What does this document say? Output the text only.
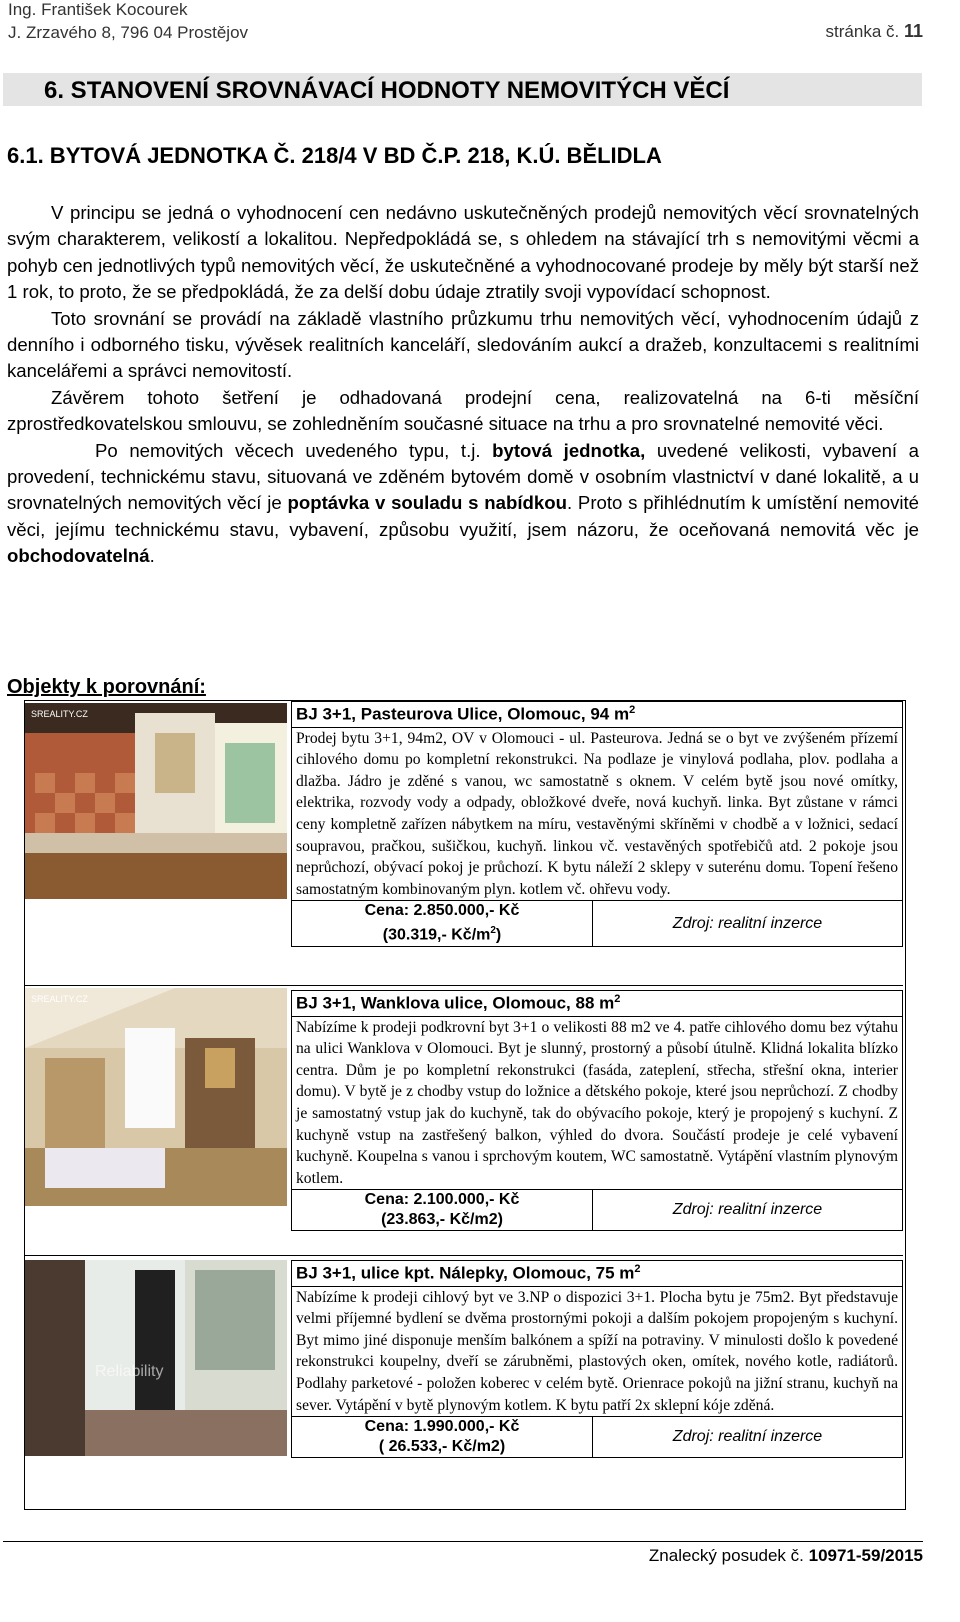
Ing. František Kocourek
J. Zrzavého 8, 796 04 Prostějov	stránka č. 11
6. STANOVENÍ SROVNÁVACÍ HODNOTY NEMOVITÝCH VĚCÍ
6.1. BYTOVÁ JEDNOTKA Č. 218/4 V BD Č.P. 218, K.Ú. BĚLIDLA

V principu se jedná o vyhodnocení cen nedávno uskutečněných prodejů nemovitých věcí srovnatelných svým charakterem, velikostí a lokalitou. Nepředpokládá se, s ohledem na stávající trh s nemovitými věcmi a pohyb cen jednotlivých typů nemovitých věcí, že uskutečněné a vyhodnocované prodeje by měly být starší než 1 rok, to proto, že se předpokládá, že za delší dobu údaje ztratily svoji vypovídací schopnost.

Toto srovnání se provádí na základě vlastního průzkumu trhu nemovitých věcí, vyhodnocením údajů z denního i odborného tisku, vývěsek realitních kanceláří, sledováním aukcí a dražeb, konzultacemi s realitními kancelářemi a správci nemovitostí.

Závěrem tohoto šetření je odhadovaná prodejní cena, realizovatelná na 6-ti měsíční zprostředkovatelskou smlouvu, se zohledněním současné situace na trhu a pro srovnatelné nemovité věci.

Po nemovitých věcech uvedeného typu, t.j. bytová jednotka, uvedené velikosti, vybavení a provedení, technickému stavu, situovaná ve zděném bytovém domě v osobním vlastnictví v dané lokalitě, a u srovnatelných nemovitých věcí je poptávka v souladu s nabídkou. Proto s přihlédnutím k umístění nemovité věci, jejímu technickému stavu, vybavení, způsobu využití, jsem názoru, že oceňovaná nemovitá věc je obchodovatelná.

Objekty k porovnání:
SREALITY.CZ	BJ 3+1, Pasteurova Ulice, Olomouc, 94 $m^2$
Prodej bytu 3+1, 94m2, OV v Olomouci - ul. Pasteurova. Jedná se o byt ve zvýšeném přízemí cihlového domu po kompletní rekonstrukci. Na podlaze je vinylová podlaha, plov. podlaha a dlažba. Jádro je zděné s vanou, wc samostatně s oknem. V celém bytě jsou nové omítky, elektrika, rozvody vody a odpady, obložkové dveře, nová kuchyň. linka. Byt zůstane v rámci ceny kompletně zařízen nábytkem na míru, vestavěnými skříněmi v chodbě a v ložnici, sedací soupravou, pračkou, sušičkou, kuchyň. linkou vč. vestavěných spotřebičů atd. 2 pokoje jsou neprůchozí, obývací pokoj je průchozí. K bytu náleží 2 sklepy v suterénu domu. Topení řešeno samostatným kombinovaným plyn. kotlem vč. ohřevu vody.
Cena: 2.850.000,- Kč
(30.319,- $Kč/m^2$)
Zdroj: realitní inzerce
SREALITY.CZ	BJ 3+1, Wanklova ulice, Olomouc, 88 $m^2$
Nabízíme k prodeji podkrovní byt 3+1 o velikosti 88 m2 ve 4. patře cihlového domu bez výtahu na ulici Wanklova v Olomouci. Byt je slunný, prostorný a působí útulně. Klidná lokalita blízko centra. Dům je po kompletní rekonstrukci (fasáda, zateplení, střecha, střešní okna, interier domu). V bytě je z chodby vstup do ložnice a dětského pokoje, které jsou neprůchozí. Z chodby je samostatný vstup jak do kuchyně, tak do obývacího pokoje, který je propojený s kuchyní. Z kuchyně vstup na zastřešený balkon, výhled do dvora. Součástí prodeje je celé vybavení kuchyně. Koupelna s vanou i sprchovým koutem, WC samostatně. Vytápění vlastním plynovým kotlem.
Cena: 2.100.000,- Kč
(23.863,- Kč/m2)
Zdroj: realitní inzerce
Reliability
BJ 3+1, ulice kpt. Nálepky, Olomouc, 75 $m^2$
Nabízíme k prodeji cihlový byt ve 3.NP o dispozici 3+1. Plocha bytu je 75m2. Byt představuje velmi příjemné bydlení se dvěma prostornými pokoji a dalším pokojem propojeným s kuchyní. Byt mimo jiné disponuje menším balkónem a spíží na potraviny. V minulosti došlo k povedené rekonstrukci koupelny, dveří se zárubněmi, plastových oken, omítek, nového kotle, radiátorů. Podlahy parketové - položen koberec v celém bytě. Orienrace pokojů na jižní stranu, kuchyň na sever. Vytápění v bytě plynovým kotlem. K bytu patří 2x sklepní kóje zděná.
Cena: 1.990.000,- Kč
( 26.533,- Kč/m2)
Zdroj: realitní inzerce
Znalecký posudek č. 10971-59/2015
